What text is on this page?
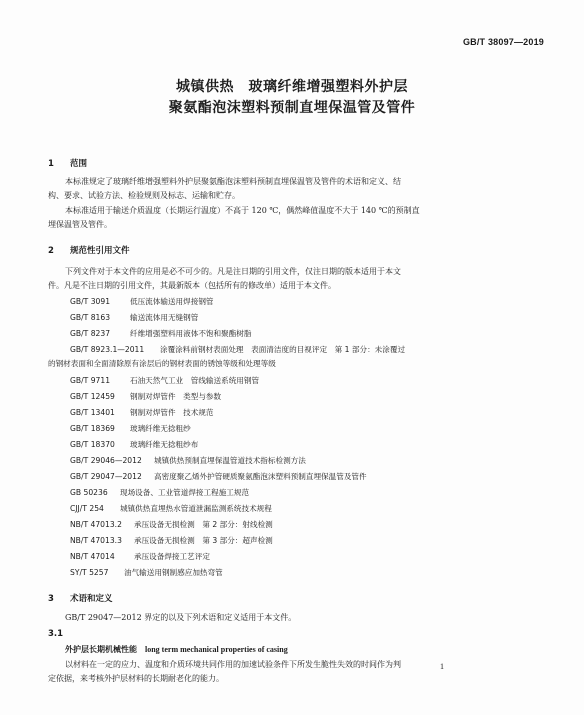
GB/T 38097—2019
城镇供热　玻璃纤维增强塑料外护层
聚氨酯泡沫塑料预制直埋保温管及管件
1 范围
本标准规定了玻璃纤维增强塑料外护层聚氨酯泡沫塑料预制直埋保温管及管件的术语和定义、结
构、要求、试验方法、检验规则及标志、运输和贮存。
本标准适用于输送介质温度（长期运行温度）不高于 120 ℃，偶然峰值温度不大于 140 ℃的预制直
埋保温管及管件。
2 规范性引用文件
下列文件对于本文件的应用是必不可少的。凡是注日期的引用文件，仅注日期的版本适用于本文
件。凡是不注日期的引用文件，其最新版本（包括所有的修改单）适用于本文件。
GB/T 3091	低压流体输送用焊接钢管
GB/T 8163	输送流体用无缝钢管
GB/T 8237	纤维增强塑料用液体不饱和聚酯树脂
GB/T 8923.1—2011 涂覆涂料前钢材表面处理　表面清洁度的目视评定　第 1 部分：未涂覆过
的钢材表面和全面清除原有涂层后的钢材表面的锈蚀等级和处理等级
GB/T 9711	石油天然气工业　管线输送系统用钢管
GB/T 12459 钢制对焊管件　类型与参数
GB/T 13401 钢制对焊管件　技术规范
GB/T 18369 玻璃纤维无捻粗纱
GB/T 18370 玻璃纤维无捻粗纱布
GB/T 29046—2012 城镇供热预制直埋保温管道技术指标检测方法
GB/T 29047—2012 高密度聚乙烯外护管硬质聚氨酯泡沫塑料预制直埋保温管及管件
GB 50236 现场设备、工业管道焊接工程施工规范
CJJ/T 254 城镇供热直埋热水管道泄漏监测系统技术规程
NB/T 47013.2 承压设备无损检测　第 2 部分：射线检测
NB/T 47013.3 承压设备无损检测　第 3 部分：超声检测
NB/T 47014	承压设备焊接工艺评定
SY/T 5257 油气输送用钢制感应加热弯管
3 术语和定义
GB/T 29047—2012 界定的以及下列术语和定义适用于本文件。
3.1
外护层长期机械性能　 long term mechanical properties of casing
以材料在一定的应力、温度和介质环境共同作用的加速试验条件下所发生脆性失效的时间作为判
定依据，来考核外护层材料的长期耐老化的能力。
1
